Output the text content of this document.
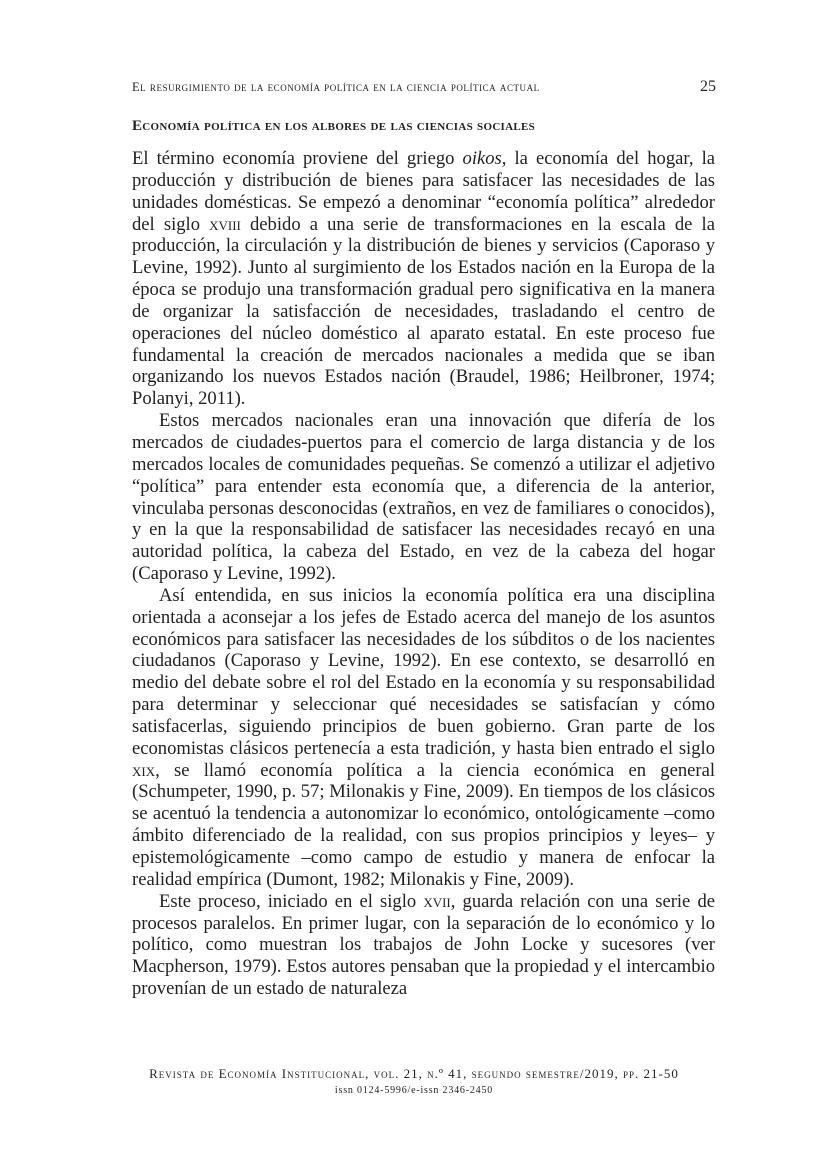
El resurgimiento de la economía política en la ciencia política actual	25
Economía política en los albores de las ciencias sociales

El término economía proviene del griego oikos, la economía del hogar, la producción y distribución de bienes para satisfacer las necesidades de las unidades domésticas. Se empezó a denominar “economía política” alrededor del siglo xviii debido a una serie de transformaciones en la escala de la producción, la circulación y la distribución de bienes y servicios (Caporaso y Levine, 1992). Junto al surgimiento de los Estados nación en la Europa de la época se produjo una transformación gradual pero significativa en la manera de organizar la satisfacción de necesidades, trasladando el centro de operaciones del núcleo doméstico al aparato estatal. En este proceso fue fundamental la creación de mercados nacionales a medida que se iban organizando los nuevos Estados nación (Braudel, 1986; Heilbroner, 1974; Polanyi, 2011).

Estos mercados nacionales eran una innovación que difería de los mercados de ciudades-puertos para el comercio de larga distancia y de los mercados locales de comunidades pequeñas. Se comenzó a utilizar el adjetivo “política” para entender esta economía que, a diferencia de la anterior, vinculaba personas desconocidas (extraños, en vez de familiares o conocidos), y en la que la responsabilidad de satisfacer las necesidades recayó en una autoridad política, la cabeza del Estado, en vez de la cabeza del hogar (Caporaso y Levine, 1992).

Así entendida, en sus inicios la economía política era una disciplina orientada a aconsejar a los jefes de Estado acerca del manejo de los asuntos económicos para satisfacer las necesidades de los súbditos o de los nacientes ciudadanos (Caporaso y Levine, 1992). En ese contexto, se desarrolló en medio del debate sobre el rol del Estado en la economía y su responsabilidad para determinar y seleccionar qué necesidades se satisfacían y cómo satisfacerlas, siguiendo principios de buen gobierno. Gran parte de los economistas clásicos pertenecía a esta tradición, y hasta bien entrado el siglo xix, se llamó economía política a la ciencia económica en general (Schumpeter, 1990, p. 57; Milonakis y Fine, 2009). En tiempos de los clásicos se acentuó la tendencia a autonomizar lo económico, ontológicamente –como ámbito diferenciado de la realidad, con sus propios principios y leyes– y epistemológicamente –como campo de estudio y manera de enfocar la realidad empírica (Dumont, 1982; Milonakis y Fine, 2009).

Este proceso, iniciado en el siglo xvii, guarda relación con una serie de procesos paralelos. En primer lugar, con la separación de lo económico y lo político, como muestran los trabajos de John Locke y sucesores (ver Macpherson, 1979). Estos autores pensaban que la propiedad y el intercambio provenían de un estado de naturaleza

Revista de Economía Institucional, vol. 21, n.º 41, segundo semestre/2019, pp. 21-50
issn 0124-5996/e-issn 2346-2450
